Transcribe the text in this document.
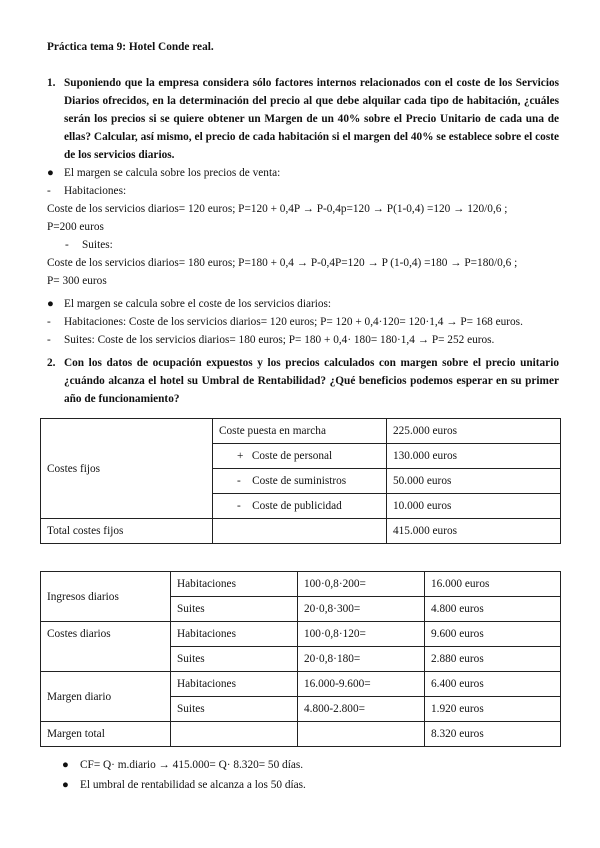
Práctica tema 9: Hotel Conde real.
1. Suponiendo que la empresa considera sólo factores internos relacionados con el coste de los Servicios Diarios ofrecidos, en la determinación del precio al que debe alquilar cada tipo de habitación, ¿cuáles serán los precios si se quiere obtener un Margen de un 40% sobre el Precio Unitario de cada una de ellas? Calcular, así mismo, el precio de cada habitación si el margen del 40% se establece sobre el coste de los servicios diarios.
● El margen se calcula sobre los precios de venta:
- Habitaciones:
Coste de los servicios diarios= 120 euros; P=120 + 0,4P → P-0,4p=120 → P(1-0,4) =120 → 120/0,6 ;
P=200 euros
- Suites:
Coste de los servicios diarios= 180 euros; P=180 + 0,4 → P-0,4P=120 → P (1-0,4) =180 → P=180/0,6 ;
P= 300 euros
● El margen se calcula sobre el coste de los servicios diarios:
- Habitaciones: Coste de los servicios diarios= 120 euros; P= 120 + 0,4·120= 120·1,4 → P= 168 euros.
- Suites: Coste de los servicios diarios= 180 euros; P= 180 + 0,4· 180= 180·1,4 → P= 252 euros.
2. Con los datos de ocupación expuestos y los precios calculados con margen sobre el precio unitario ¿cuándo alcanza el hotel su Umbral de Rentabilidad? ¿Qué beneficios podemos esperar en su primer año de funcionamiento?
Costes fijos	Coste puesta en marcha	225.000 euros
	+ Coste de personal	130.000 euros
	- Coste de suministros	50.000 euros
	- Coste de publicidad	10.000 euros
Total costes fijos		415.000 euros
Ingresos diarios	Habitaciones	100·0,8·200=	16.000 euros
	Suites	20·0,8·300=	4.800 euros
Costes diarios	Habitaciones	100·0,8·120=	9.600 euros
	Suites	20·0,8·180=	2.880 euros
Margen diario	Habitaciones	16.000-9.600=	6.400 euros
	Suites	4.800-2.800=	1.920 euros
Margen total			8.320 euros
● CF= Q· m.diario → 415.000= Q· 8.320= 50 días.
● El umbral de rentabilidad se alcanza a los 50 días.
